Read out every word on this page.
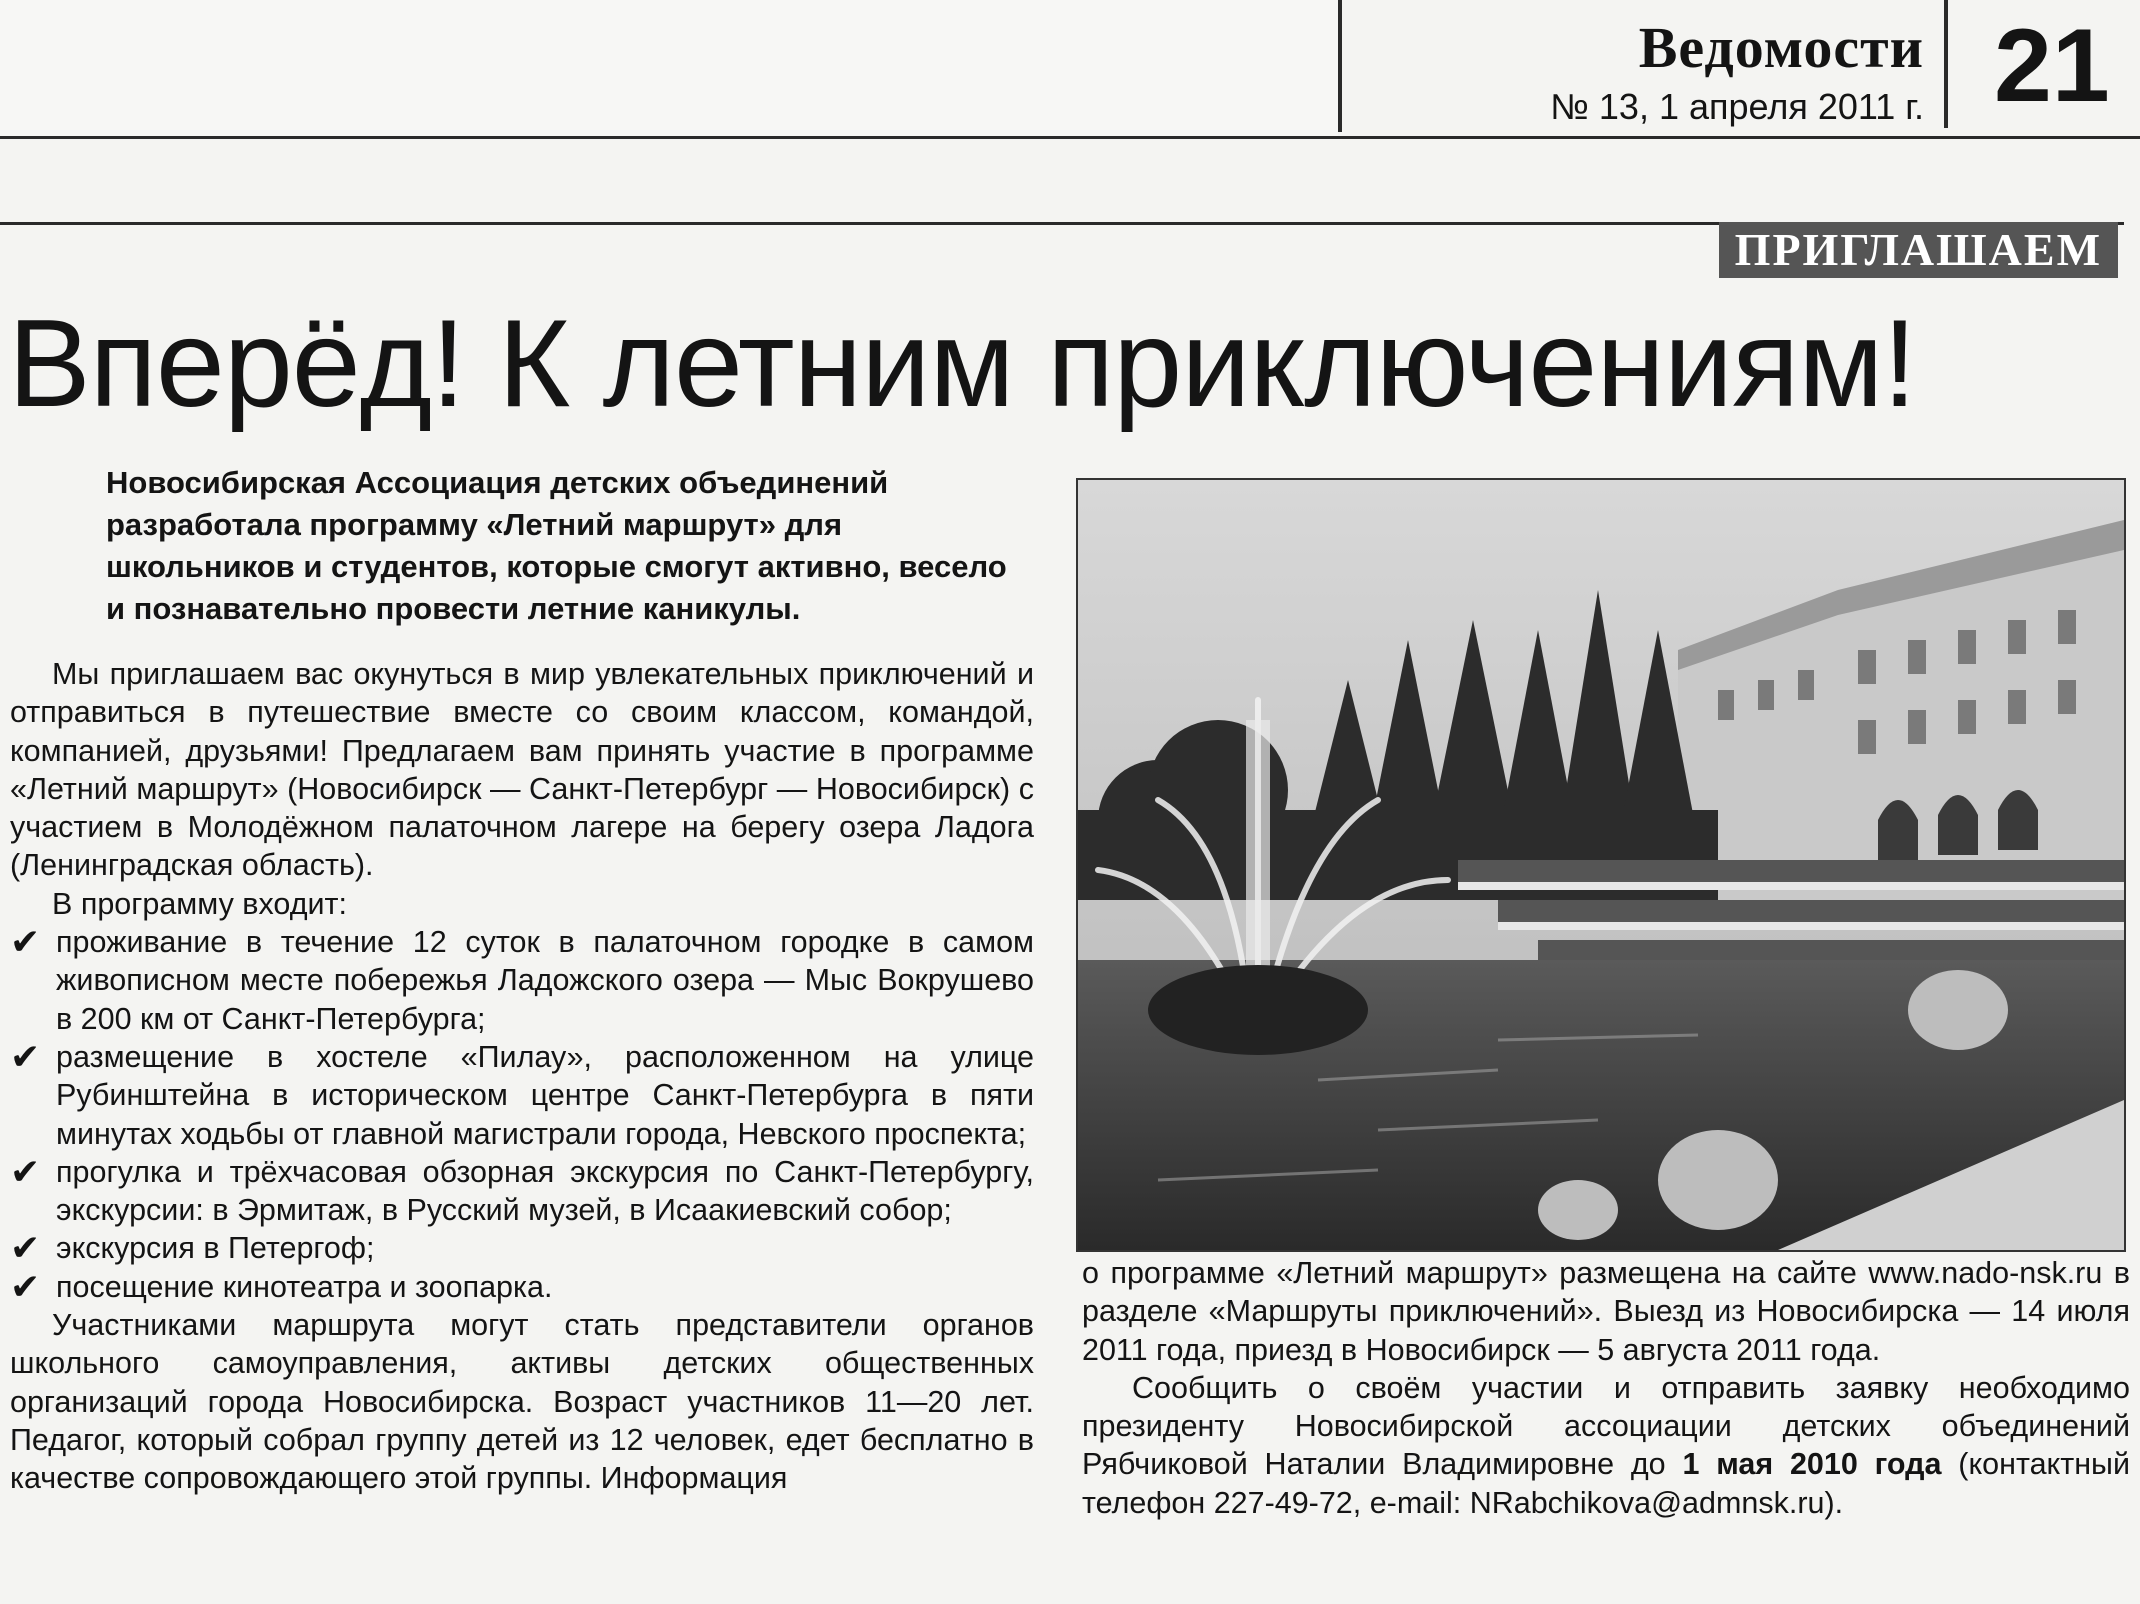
Ведомости
№ 13, 1 апреля 2011 г. 21
ПРИГЛАШАЕМ
Вперёд! К летним приключениям!
Новосибирская Ассоциация детских объединений разработала программу «Летний маршрут» для школьников и студентов, которые смогут активно, весело и познавательно провести летние каникулы.

Мы приглашаем вас окунуться в мир увлекательных приключений и отправиться в путешествие вместе со своим классом, командой, компанией, друзьями! Предлагаем вам принять участие в программе «Летний маршрут» (Новосибирск — Санкт-Петербург — Новосибирск) с участием в Молодёжном палаточном лагере на берегу озера Ладога (Ленинградская область).

В программу входит:

✔ проживание в течение 12 суток в палаточном городке в самом живописном месте побережья Ладожского озера — Мыс Вокрушево в 200 км от Санкт-Петербурга;
✔ размещение в хостеле «Пилау», расположенном на улице Рубинштейна в историческом центре Санкт-Петербурга в пяти минутах ходьбы от главной магистрали города, Невского проспекта;
✔ прогулка и трёхчасовая обзорная экскурсия по Санкт-Петербургу, экскурсии: в Эрмитаж, в Русский музей, в Исаакиевский собор;
✔ экскурсия в Петергоф;
✔ посещение кинотеатра и зоопарка.

Участниками маршрута могут стать представители органов школьного самоуправления, активы детских общественных организаций города Новосибирска. Возраст участников 11—20 лет. Педагог, который собрал группу детей из 12 человек, едет бесплатно в качестве сопровождающего этой группы. Информация

о программе «Летний маршрут» размещена на сайте www.nado-nsk.ru в разделе «Маршруты приключений». Выезд из Новосибирска — 14 июля 2011 года, приезд в Новосибирск — 5 августа 2011 года.

Сообщить о своём участии и отправить заявку необходимо президенту Новосибирской ассоциации детских объединений Рябчиковой Наталии Владимировне до 1 мая 2010 года (контактный телефон 227-49-72, e-mail: NRabchikova@admnsk.ru).
